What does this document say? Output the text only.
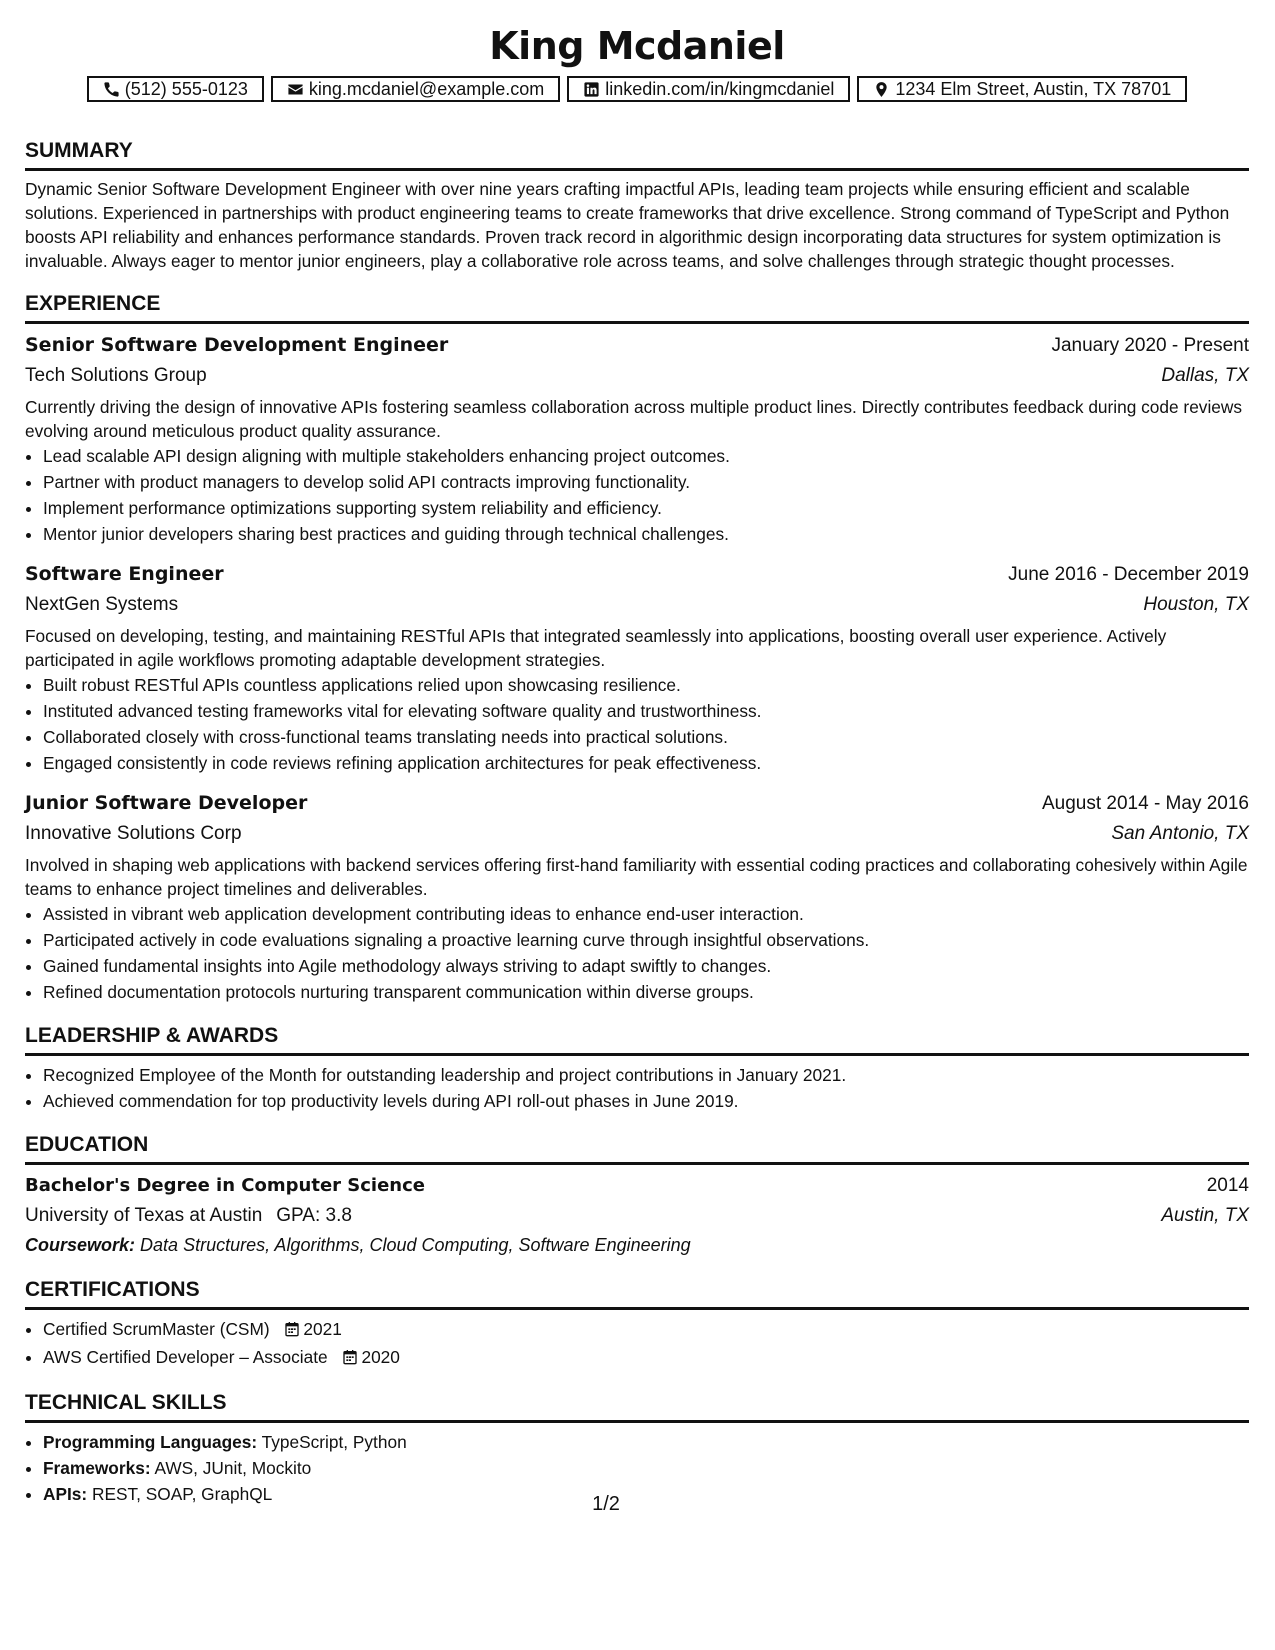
King Mcdaniel
(512) 555-0123	king.mcdaniel@example.com	linkedin.com/in/kingmcdaniel	1234 Elm Street, Austin, TX 78701
SUMMARY
Dynamic Senior Software Development Engineer with over nine years crafting impactful APIs, leading team projects while ensuring efficient and scalable solutions. Experienced in partnerships with product engineering teams to create frameworks that drive excellence. Strong command of TypeScript and Python boosts API reliability and enhances performance standards. Proven track record in algorithmic design incorporating data structures for system optimization is invaluable. Always eager to mentor junior engineers, play a collaborative role across teams, and solve challenges through strategic thought processes.
EXPERIENCE
Senior Software Development Engineer	January 2020 - Present
Tech Solutions Group	Dallas, TX
Currently driving the design of innovative APIs fostering seamless collaboration across multiple product lines. Directly contributes feedback during code reviews evolving around meticulous product quality assurance.
• Lead scalable API design aligning with multiple stakeholders enhancing project outcomes.
• Partner with product managers to develop solid API contracts improving functionality.
• Implement performance optimizations supporting system reliability and efficiency.
• Mentor junior developers sharing best practices and guiding through technical challenges.
Software Engineer	June 2016 - December 2019
NextGen Systems	Houston, TX
Focused on developing, testing, and maintaining RESTful APIs that integrated seamlessly into applications, boosting overall user experience. Actively participated in agile workflows promoting adaptable development strategies.
• Built robust RESTful APIs countless applications relied upon showcasing resilience.
• Instituted advanced testing frameworks vital for elevating software quality and trustworthiness.
• Collaborated closely with cross-functional teams translating needs into practical solutions.
• Engaged consistently in code reviews refining application architectures for peak effectiveness.
Junior Software Developer	August 2014 - May 2016
Innovative Solutions Corp	San Antonio, TX
Involved in shaping web applications with backend services offering first-hand familiarity with essential coding practices and collaborating cohesively within Agile teams to enhance project timelines and deliverables.
• Assisted in vibrant web application development contributing ideas to enhance end-user interaction.
• Participated actively in code evaluations signaling a proactive learning curve through insightful observations.
• Gained fundamental insights into Agile methodology always striving to adapt swiftly to changes.
• Refined documentation protocols nurturing transparent communication within diverse groups.
LEADERSHIP & AWARDS
• Recognized Employee of the Month for outstanding leadership and project contributions in January 2021.
• Achieved commendation for top productivity levels during API roll-out phases in June 2019.
EDUCATION
Bachelor's Degree in Computer Science	2014
University of Texas at Austin GPA: 3.8	Austin, TX
Coursework: Data Structures, Algorithms, Cloud Computing, Software Engineering
CERTIFICATIONS
• Certified ScrumMaster (CSM) 2021
• AWS Certified Developer – Associate 2020
TECHNICAL SKILLS
• Programming Languages: TypeScript, Python
• Frameworks: AWS, JUnit, Mockito
• APIs: REST, SOAP, GraphQL	1/2
